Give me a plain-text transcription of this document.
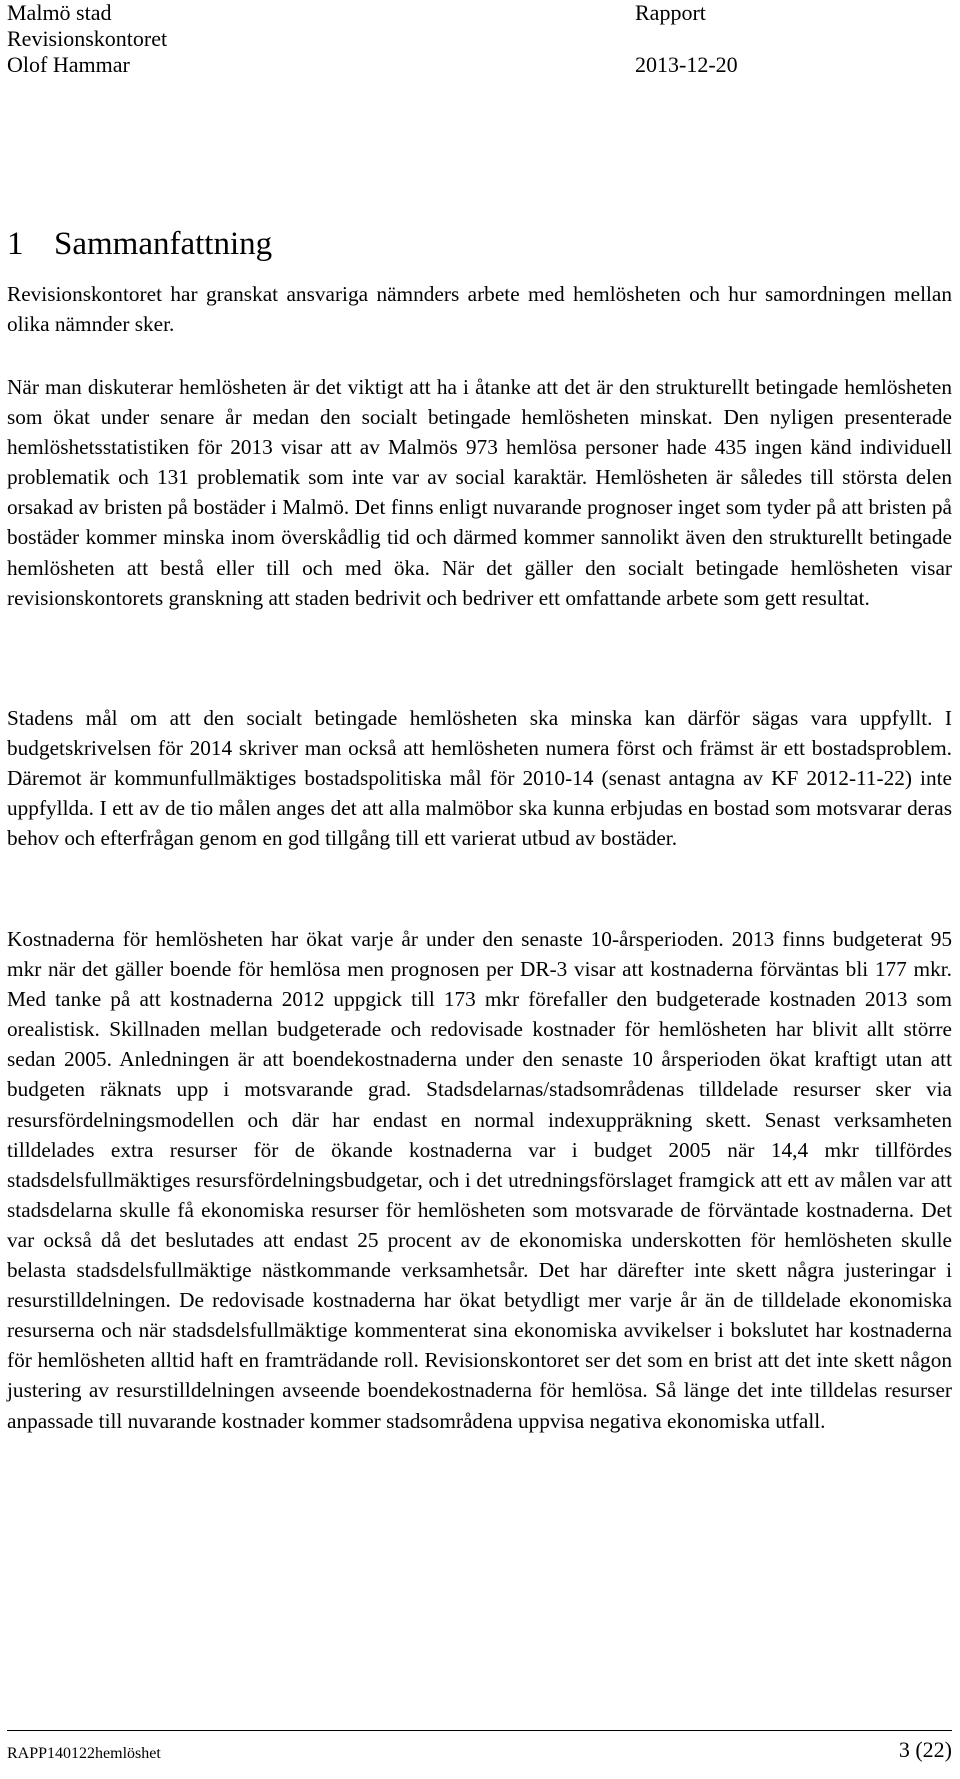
Malmö stad	Rapport
Revisionskontoret
Olof Hammar	2013-12-20
1 Sammanfattning

Revisionskontoret har granskat ansvariga nämnders arbete med hemlösheten och hur samordningen mellan olika nämnder sker.

När man diskuterar hemlösheten är det viktigt att ha i åtanke att det är den strukturellt betingade hemlösheten som ökat under senare år medan den socialt betingade hemlösheten minskat. Den nyligen presenterade hemlöshetsstatistiken för 2013 visar att av Malmös 973 hemlösa personer hade 435 ingen känd individuell problematik och 131 problematik som inte var av social karaktär. Hemlösheten är således till största delen orsakad av bristen på bostäder i Malmö. Det finns enligt nuvarande prognoser inget som tyder på att bristen på bostäder kommer minska inom överskådlig tid och därmed kommer sannolikt även den strukturellt betingade hemlösheten att bestå eller till och med öka. När det gäller den socialt betingade hemlösheten visar revisionskontorets granskning att staden bedrivit och bedriver ett omfattande arbete som gett resultat.

Stadens mål om att den socialt betingade hemlösheten ska minska kan därför sägas vara uppfyllt. I budgetskrivelsen för 2014 skriver man också att hemlösheten numera först och främst är ett bostadsproblem. Däremot är kommunfullmäktiges bostadspolitiska mål för 2010-14 (senast antagna av KF 2012-11-22) inte uppfyllda. I ett av de tio målen anges det att alla malmöbor ska kunna erbjudas en bostad som motsvarar deras behov och efterfrågan genom en god tillgång till ett varierat utbud av bostäder.

Kostnaderna för hemlösheten har ökat varje år under den senaste 10-årsperioden. 2013 finns budgeterat 95 mkr när det gäller boende för hemlösa men prognosen per DR-3 visar att kostnaderna förväntas bli 177 mkr. Med tanke på att kostnaderna 2012 uppgick till 173 mkr förefaller den budgeterade kostnaden 2013 som orealistisk. Skillnaden mellan budgeterade och redovisade kostnader för hemlösheten har blivit allt större sedan 2005. Anledningen är att boendekostnaderna under den senaste 10 årsperioden ökat kraftigt utan att budgeten räknats upp i motsvarande grad. Stadsdelarnas/stadsområdenas tilldelade resurser sker via resursfördelningsmodellen och där har endast en normal indexuppräkning skett. Senast verksamheten tilldelades extra resurser för de ökande kostnaderna var i budget 2005 när 14,4 mkr tillfördes stadsdelsfullmäktiges resursfördelningsbudgetar, och i det utredningsförslaget framgick att ett av målen var att stadsdelarna skulle få ekonomiska resurser för hemlösheten som motsvarade de förväntade kostnaderna. Det var också då det beslutades att endast 25 procent av de ekonomiska underskotten för hemlösheten skulle belasta stadsdelsfullmäktige nästkommande verksamhetsår. Det har därefter inte skett några justeringar i resurstilldelningen. De redovisade kostnaderna har ökat betydligt mer varje år än de tilldelade ekonomiska resurserna och när stadsdelsfullmäktige kommenterat sina ekonomiska avvikelser i bokslutet har kostnaderna för hemlösheten alltid haft en framträdande roll. Revisionskontoret ser det som en brist att det inte skett någon justering av resurstilldelningen avseende boendekostnaderna för hemlösa. Så länge det inte tilldelas resurser anpassade till nuvarande kostnader kommer stadsområdena uppvisa negativa ekonomiska utfall.

RAPP140122hemlöshet	3 (22)
